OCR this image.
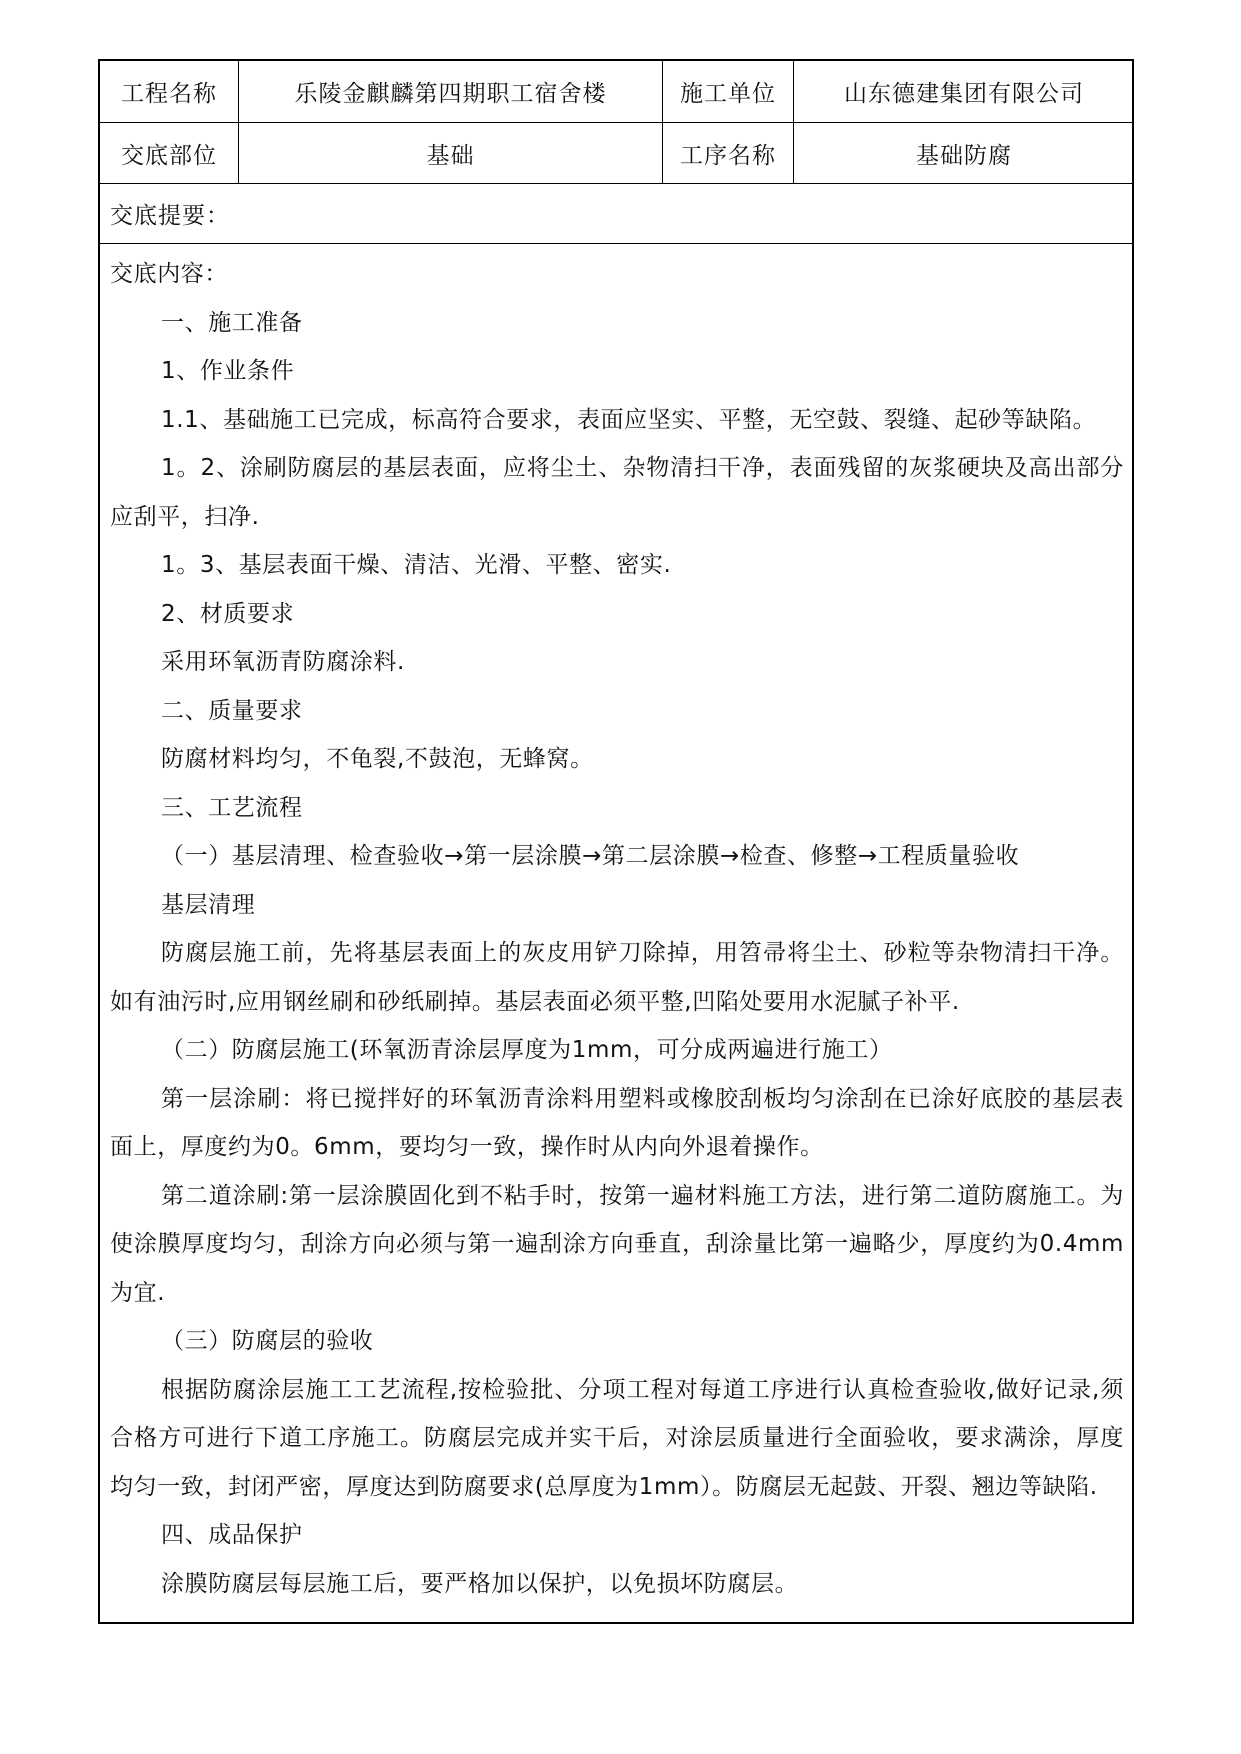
工程名称	乐陵金麒麟第四期职工宿舍楼	施工单位	山东德建集团有限公司
交底部位	基础	工序名称	基础防腐
交底提要：

交底内容：

一、施工准备

1、作业条件

1.1、基础施工已完成，标高符合要求，表面应坚实、平整，无空鼓、裂缝、起砂等缺陷。

1。2、涂刷防腐层的基层表面，应将尘土、杂物清扫干净，表面残留的灰浆硬块及高出部分应刮平，扫净.

1。3、基层表面干燥、清洁、光滑、平整、密实.

2、材质要求

采用环氧沥青防腐涂料.

二、质量要求

防腐材料均匀，不龟裂,不鼓泡，无蜂窝。

三、工艺流程

（一）基层清理、检查验收→第一层涂膜→第二层涂膜→检查、修整→工程质量验收

基层清理

防腐层施工前，先将基层表面上的灰皮用铲刀除掉，用笤帚将尘土、砂粒等杂物清扫干净。如有油污时,应用钢丝刷和砂纸刷掉。基层表面必须平整,凹陷处要用水泥腻子补平.

（二）防腐层施工(环氧沥青涂层厚度为1mm，可分成两遍进行施工）

第一层涂刷：将已搅拌好的环氧沥青涂料用塑料或橡胶刮板均匀涂刮在已涂好底胶的基层表面上，厚度约为0。6mm，要均匀一致，操作时从内向外退着操作。

第二道涂刷:第一层涂膜固化到不粘手时，按第一遍材料施工方法，进行第二道防腐施工。为使涂膜厚度均匀，刮涂方向必须与第一遍刮涂方向垂直，刮涂量比第一遍略少，厚度约为0.4mm为宜.

（三）防腐层的验收

根据防腐涂层施工工艺流程,按检验批、分项工程对每道工序进行认真检查验收,做好记录,须合格方可进行下道工序施工。防腐层完成并实干后，对涂层质量进行全面验收，要求满涂，厚度均匀一致，封闭严密，厚度达到防腐要求(总厚度为1mm）。防腐层无起鼓、开裂、翘边等缺陷.

四、成品保护

涂膜防腐层每层施工后，要严格加以保护，以免损坏防腐层。
